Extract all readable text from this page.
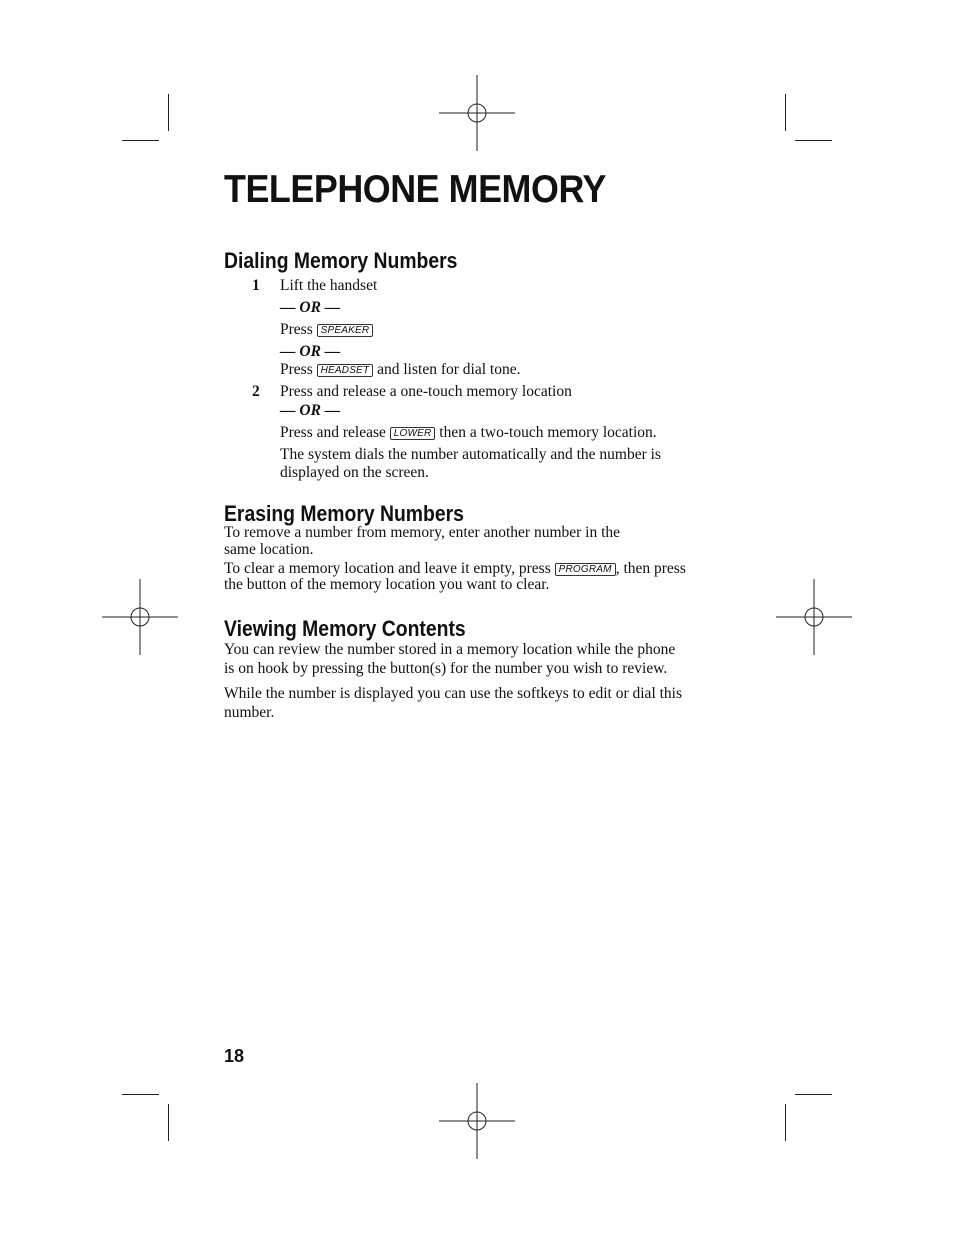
TELEPHONE MEMORY
Dialing Memory Numbers

1 Lift the handset

— OR —

Press SPEAKER

— OR —

Press HEADSET and listen for dial tone.

2 Press and release a one-touch memory location

— OR —

Press and release LOWER then a two-touch memory location.

The system dials the number automatically and the number is

displayed on the screen.

Erasing Memory Numbers

To remove a number from memory, enter another number in the

same location.

To clear a memory location and leave it empty, press PROGRAM , then press

the button of the memory location you want to clear.

Viewing Memory Contents

You can review the number stored in a memory location while the phone

is on hook by pressing the button(s) for the number you wish to review.

While the number is displayed you can use the softkeys to edit or dial this

number.

18
